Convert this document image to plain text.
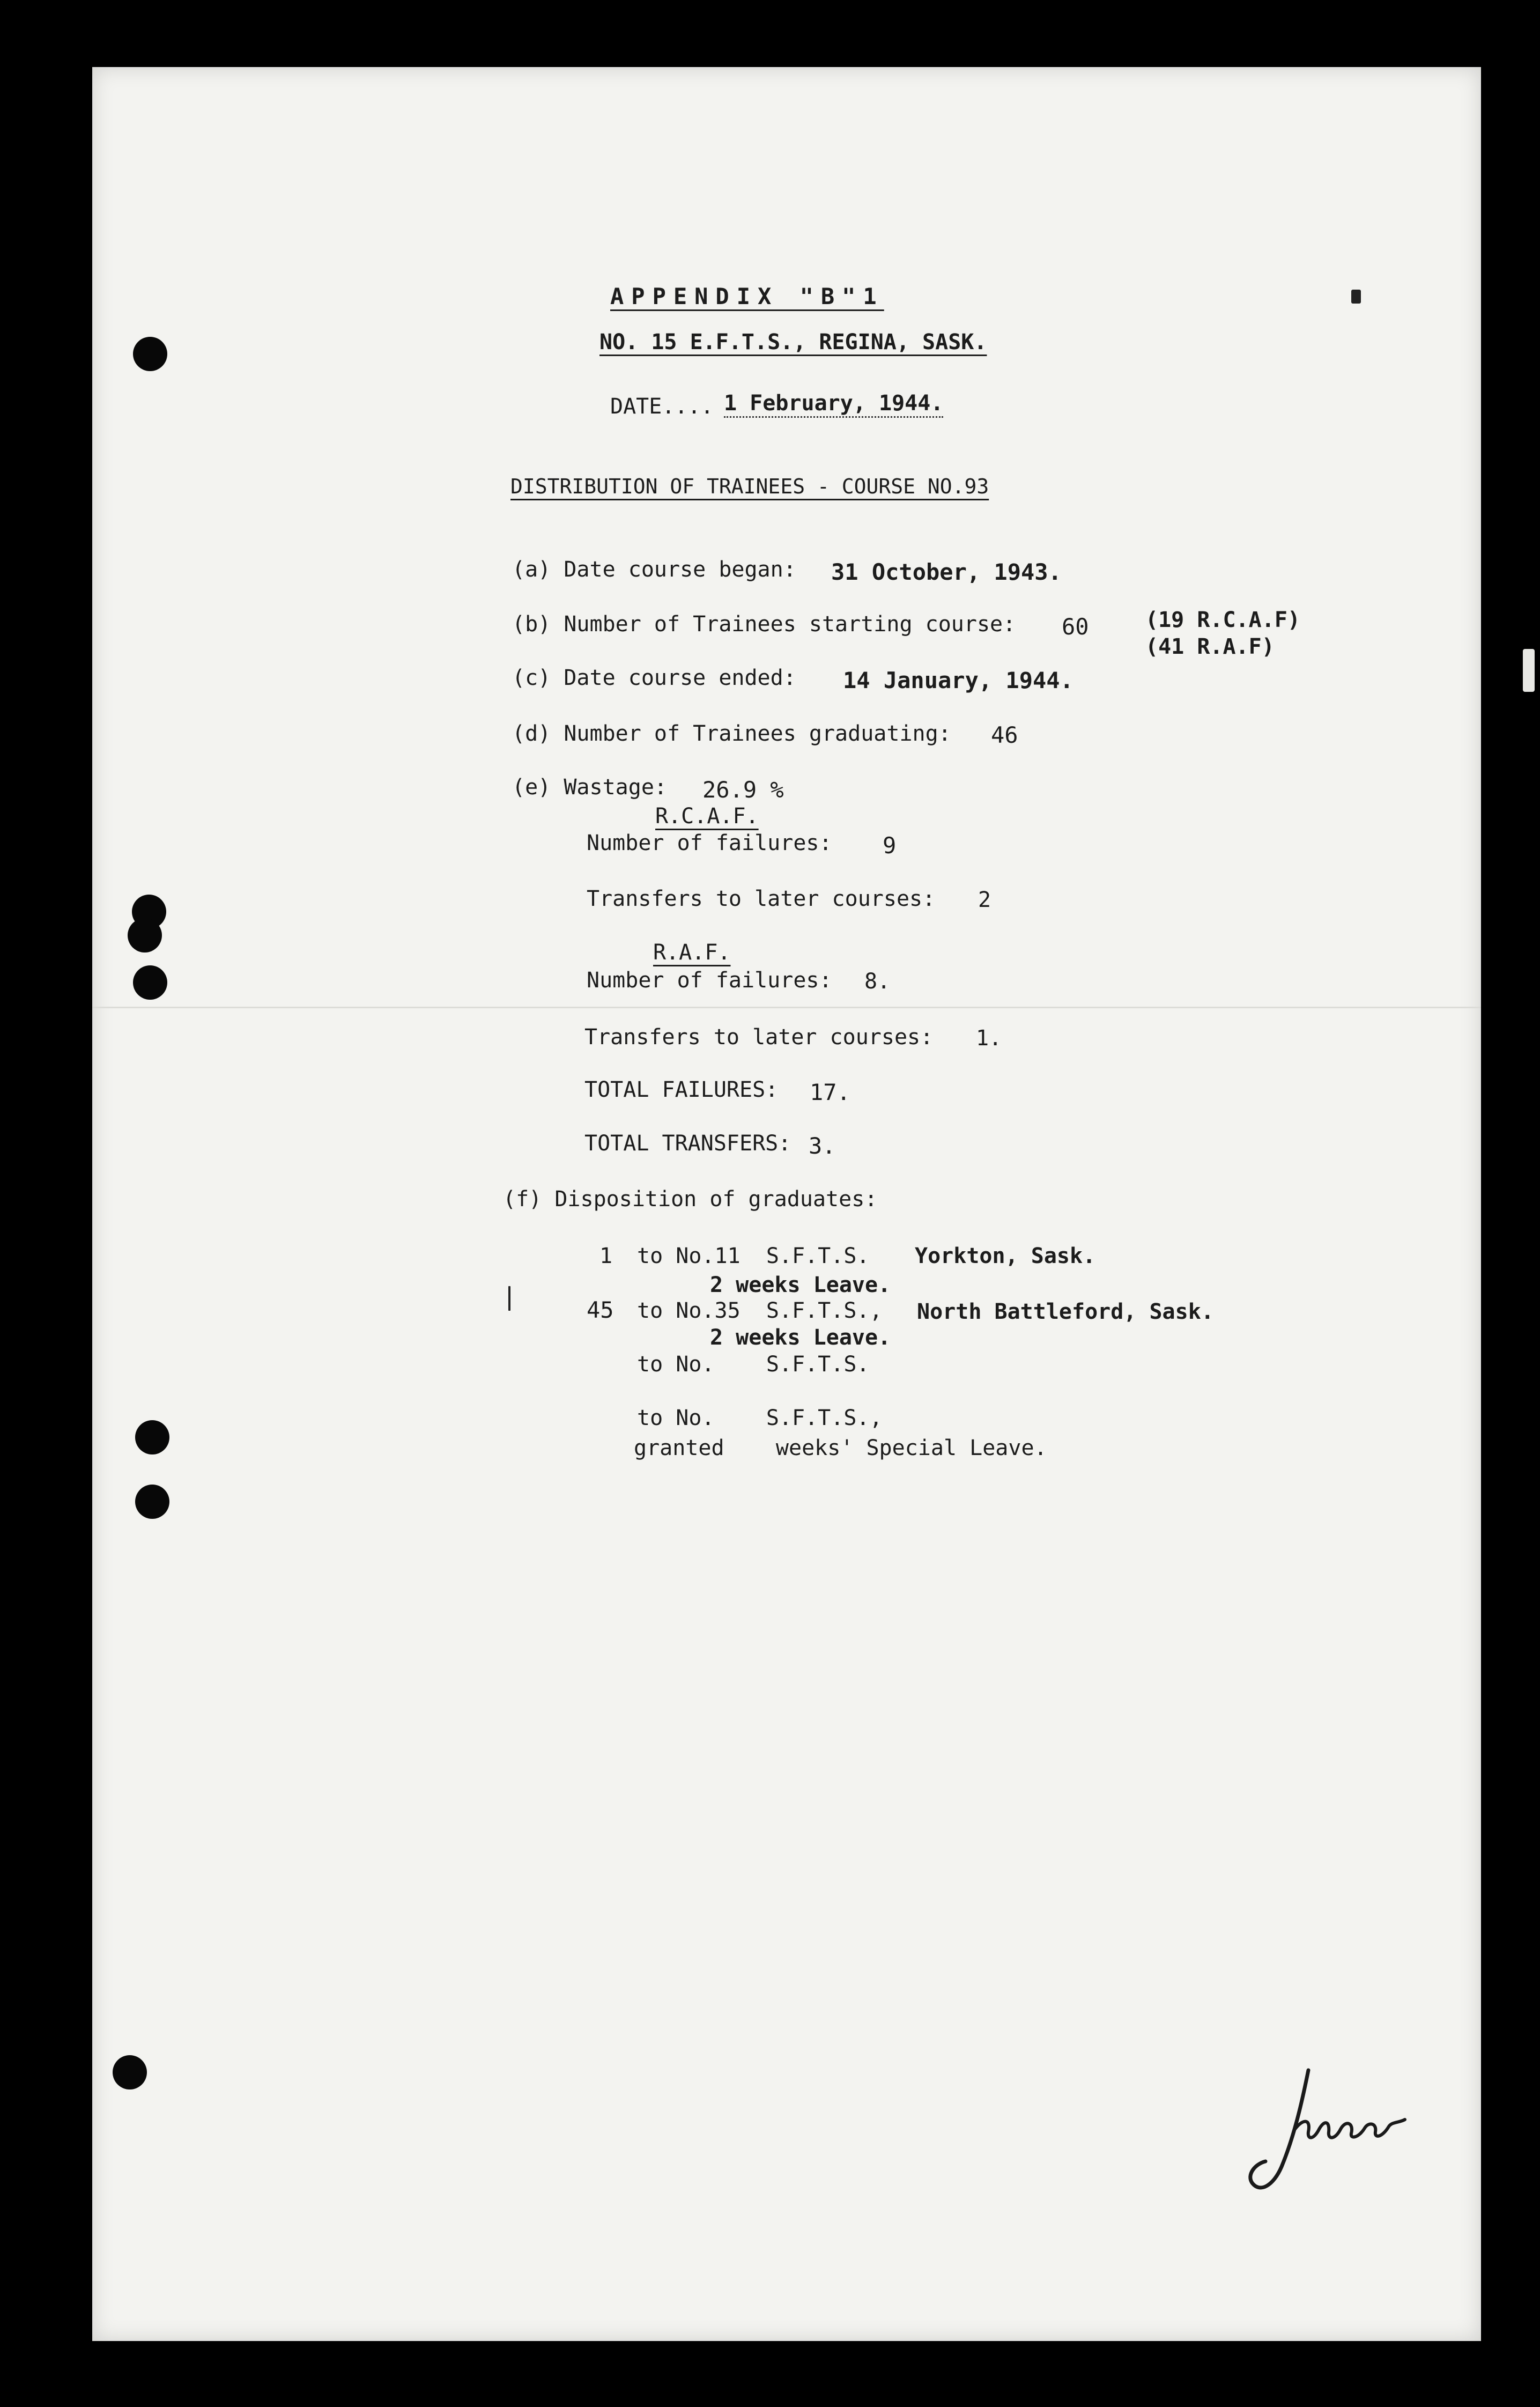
APPENDIX "B"1
NO. 15 E.F.T.S., REGINA, SASK.
DATE.... 1 February, 1944.
DISTRIBUTION OF TRAINEES - COURSE NO.93
(a) Date course began: 31 October, 1943.
(b) Number of Trainees starting course: 60	(19 R.C.A.F)
(41 R.A.F)
(c) Date course ended: 14 January, 1944.
(d) Number of Trainees graduating: 46
(e) Wastage: 26.9 %
R.C.A.F.
Number of failures: 9
Transfers to later courses: 2
R.A.F.
Number of failures: 8.
Transfers to later courses: 1.
TOTAL FAILURES: 17.
TOTAL TRANSFERS: 3.
(f) Disposition of graduates:
1 to No.11  S.F.T.S. Yorkton, Sask.
2 weeks Leave.
45 to No.35  S.F.T.S., North Battleford, Sask.
2 weeks Leave.
to No.    S.F.T.S.
to No.    S.F.T.S.,
granted    weeks' Special Leave.
